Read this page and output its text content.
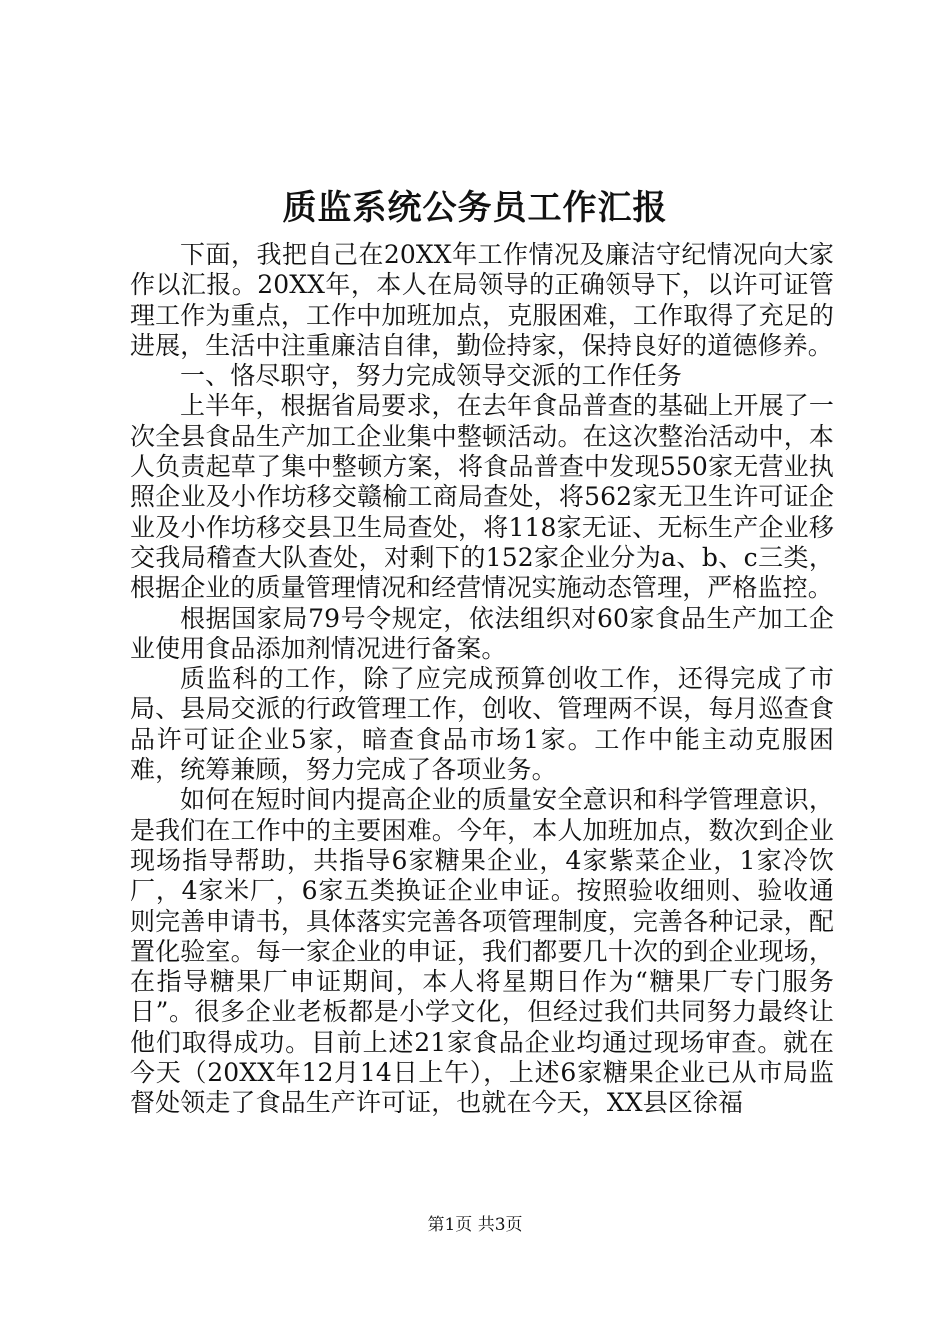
质监系统公务员工作汇报

下面，我把自己在20XX年工作情况及廉洁守纪情况向大家作以汇报。20XX年，本人在局领导的正确领导下，以许可证管理工作为重点，工作中加班加点，克服困难，工作取得了充足的进展，生活中注重廉洁自律，勤俭持家，保持良好的道德修养。

一、恪尽职守，努力完成领导交派的工作任务

上半年，根据省局要求，在去年食品普查的基础上开展了一次全县食品生产加工企业集中整顿活动。在这次整治活动中，本人负责起草了集中整顿方案，将食品普查中发现550家无营业执照企业及小作坊移交赣榆工商局查处，将562家无卫生许可证企业及小作坊移交县卫生局查处，将118家无证、无标生产企业移交我局稽查大队查处，对剩下的152家企业分为a、b、c三类，根据企业的质量管理情况和经营情况实施动态管理，严格监控。

根据国家局79号令规定，依法组织对60家食品生产加工企业使用食品添加剂情况进行备案。

质监科的工作，除了应完成预算创收工作，还得完成了市局、县局交派的行政管理工作，创收、管理两不误，每月巡查食品许可证企业5家，暗查食品市场1家。工作中能主动克服困难，统筹兼顾，努力完成了各项业务。

如何在短时间内提高企业的质量安全意识和科学管理意识，是我们在工作中的主要困难。今年，本人加班加点，数次到企业现场指导帮助，共指导6家糖果企业，4家紫菜企业，1家冷饮厂，4家米厂，6家五类换证企业申证。按照验收细则、验收通则完善申请书，具体落实完善各项管理制度，完善各种记录，配置化验室。每一家企业的申证，我们都要几十次的到企业现场，在指导糖果厂申证期间，本人将星期日作为“糖果厂专门服务日”。很多企业老板都是小学文化，但经过我们共同努力最终让他们取得成功。目前上述21家食品企业均通过现场审查。就在今天（20XX年12月14日上午），上述6家糖果企业已从市局监督处领走了食品生产许可证，也就在今天，XX县区徐福

第1页 共3页
